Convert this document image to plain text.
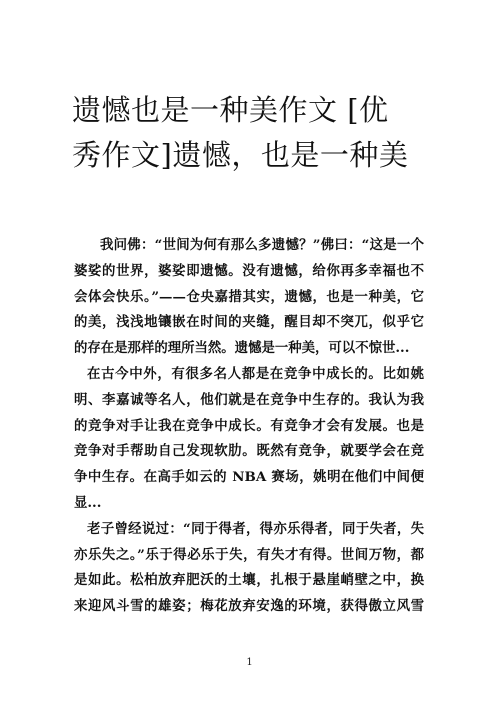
遗憾也是一种美作文 [优
秀作文]遗憾，也是一种美
我问佛：“世间为何有那么多遗憾？”佛曰：“这是一个
婆娑的世界，婆娑即遗憾。没有遗憾，给你再多幸福也不
会体会快乐。”——仓央嘉措其实，遗憾，也是一种美，它
的美，浅浅地镶嵌在时间的夹缝，醒目却不突兀，似乎它
的存在是那样的理所当然。遗憾是一种美，可以不惊世...
在古今中外，有很多名人都是在竞争中成长的。比如姚
明、李嘉诚等名人，他们就是在竞争中生存的。我认为我
的竞争对手让我在竞争中成长。有竞争才会有发展。也是
竞争对手帮助自己发现软肋。既然有竞争，就要学会在竞
争中生存。在高手如云的 NBA 赛场，姚明在他们中间便
显...
老子曾经说过：“同于得者，得亦乐得者，同于失者，失
亦乐失之。”乐于得必乐于失，有失才有得。世间万物，都
是如此。松柏放弃肥沃的土壤，扎根于悬崖峭壁之中，换
来迎风斗雪的雄姿；梅花放弃安逸的环境，获得傲立风雪
1
